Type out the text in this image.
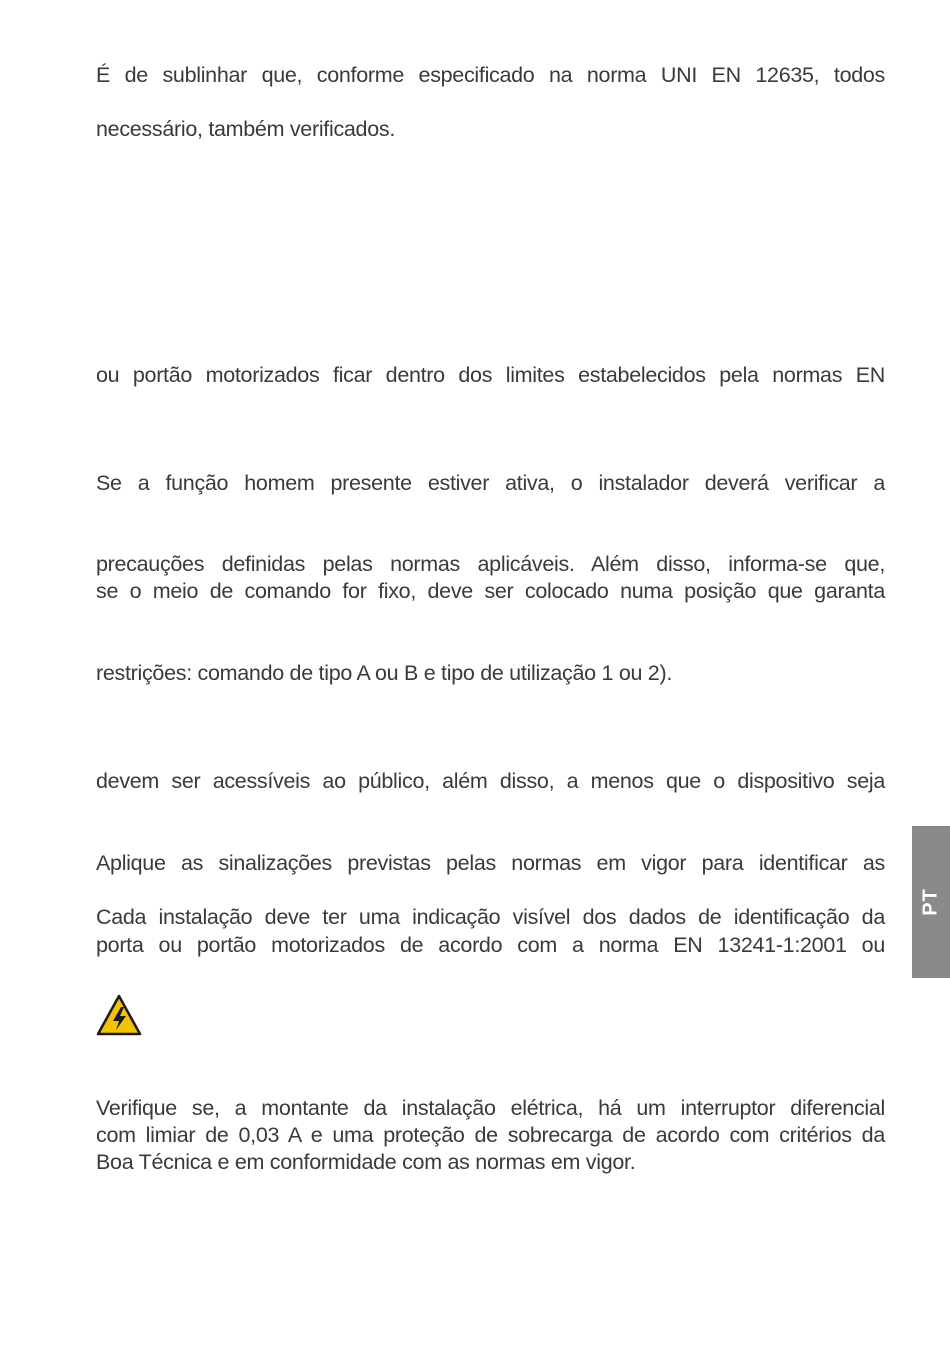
É de sublinhar que, conforme especificado na norma UNI EN 12635, todos
necessário, também verificados.
ou portão motorizados ficar dentro dos limites estabelecidos pela normas EN
Se a função homem presente estiver ativa, o instalador deverá verificar a
precauções definidas pelas normas aplicáveis. Além disso, informa-se que,
se o meio de comando for fixo, deve ser colocado numa posição que garanta
restrições: comando de tipo A ou B e tipo de utilização 1 ou 2).
devem ser acessíveis ao público, além disso, a menos que o dispositivo seja
Aplique as sinalizações previstas pelas normas em vigor para identificar as
Cada instalação deve ter uma indicação visível dos dados de identificação da
porta ou portão motorizados de acordo com a norma EN 13241-1:2001 ou
Verifique se, a montante da instalação elétrica, há um interruptor diferencial
com limiar de 0,03 A e uma proteção de sobrecarga de acordo com critérios da
Boa Técnica e em conformidade com as normas em vigor.
PT
